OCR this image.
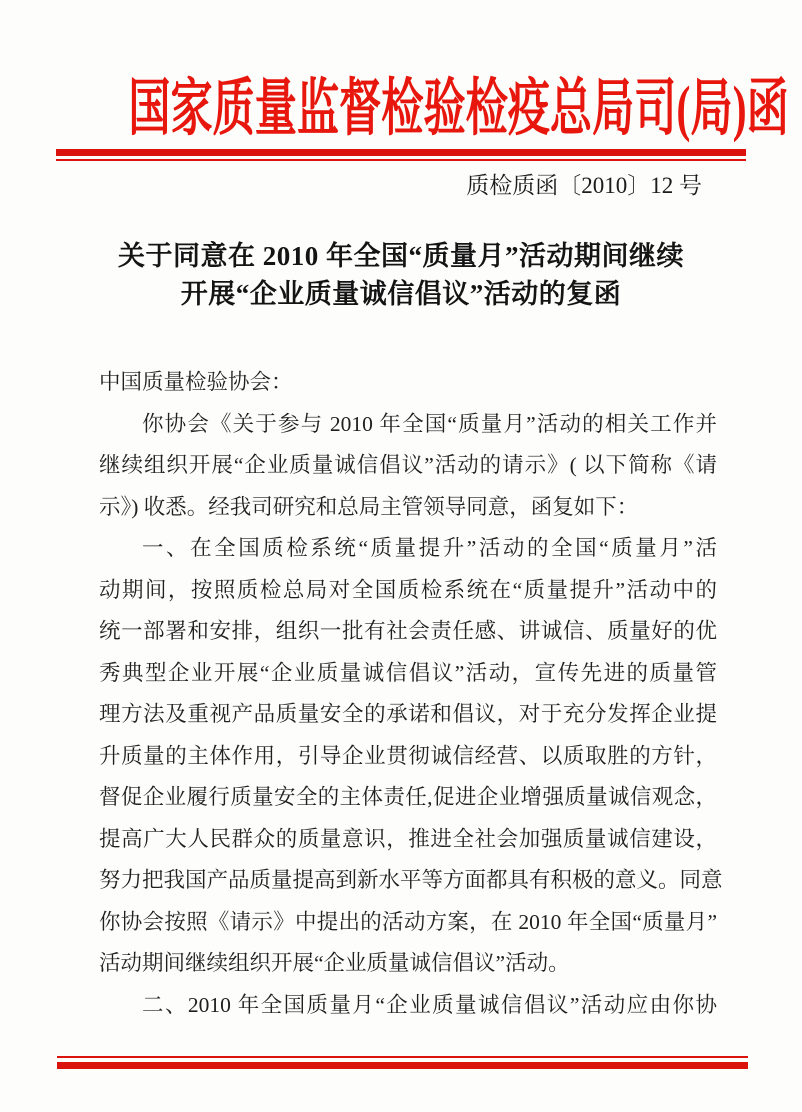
国家质量监督检验检疫总局司(局)函
质检质函〔2010〕12 号
关于同意在 2010 年全国“质量月”活动期间继续
开展“企业质量诚信倡议”活动的复函
中国质量检验协会：
你协会《关于参与 2010 年全国“质量月”活动的相关工作并
继续组织开展“企业质量诚信倡议”活动的请示》( 以下简称《请
示》) 收悉。经我司研究和总局主管领导同意，函复如下：
一、在全国质检系统“质量提升”活动的全国“质量月”活
动期间，按照质检总局对全国质检系统在“质量提升”活动中的
统一部署和安排，组织一批有社会责任感、讲诚信、质量好的优
秀典型企业开展“企业质量诚信倡议”活动，宣传先进的质量管
理方法及重视产品质量安全的承诺和倡议，对于充分发挥企业提
升质量的主体作用，引导企业贯彻诚信经营、以质取胜的方针，
督促企业履行质量安全的主体责任,促进企业增强质量诚信观念，
提高广大人民群众的质量意识，推进全社会加强质量诚信建设，
努力把我国产品质量提高到新水平等方面都具有积极的意义。同意
你协会按照《请示》中提出的活动方案，在 2010 年全国“质量月”
活动期间继续组织开展“企业质量诚信倡议”活动。
二、2010 年全国质量月“企业质量诚信倡议”活动应由你协
